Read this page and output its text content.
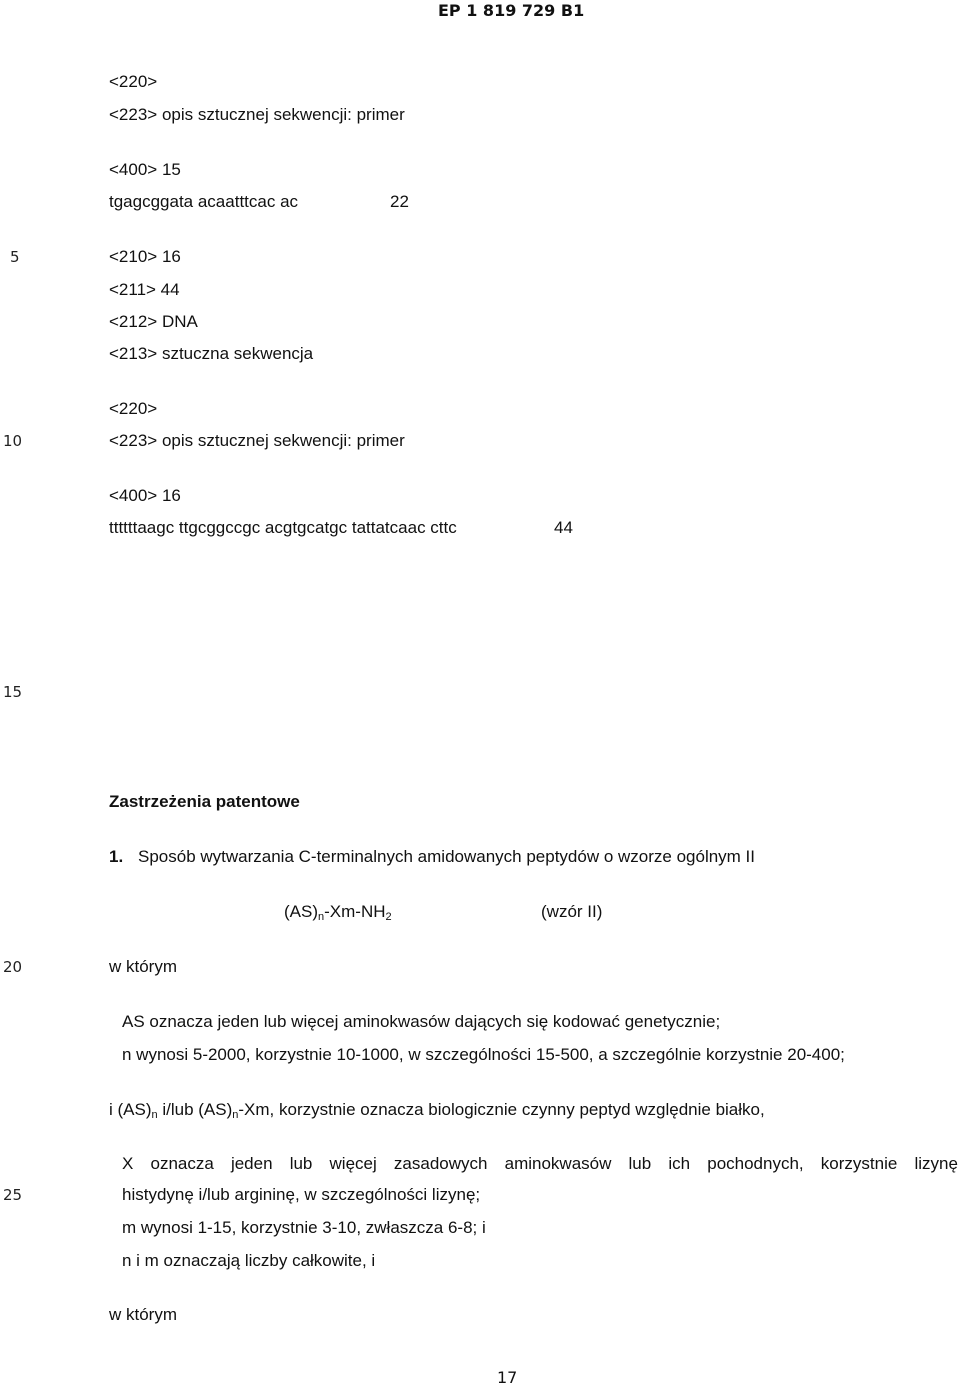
EP 1 819 729 B1
5
10
15
20
25
<220>
<223> opis sztucznej sekwencji: primer
<400> 15
tgagcggata acaatttcac ac	22
<210> 16
<211> 44
<212> DNA
<213> sztuczna sekwencja
<220>
<223> opis sztucznej sekwencji: primer
<400> 16
ttttttaagc ttgcggccgc acgtgcatgc tattatcaac cttc	44
Zastrzeżenia patentowe
1. Sposób wytwarzania C-terminalnych amidowanych peptydów o wzorze ogólnym II
$(AS)_n-Xm-NH_2$	(wzór II)
w którym
AS oznacza jeden lub więcej aminokwasów dających się kodować genetycznie;
n wynosi 5-2000, korzystnie 10-1000, w szczególności 15-500, a szczególnie korzystnie 20-400;
i $(AS)_n$ i/lub $(AS)_n-Xm$, korzystnie oznacza biologicznie czynny peptyd względnie białko,
X oznacza jeden lub więcej zasadowych aminokwasów lub ich pochodnych, korzystnie lizynę
histydynę i/lub argininę, w szczególności lizynę;
m wynosi 1-15, korzystnie 3-10, zwłaszcza 6-8; i
n i m oznaczają liczby całkowite, i
w którym
17
